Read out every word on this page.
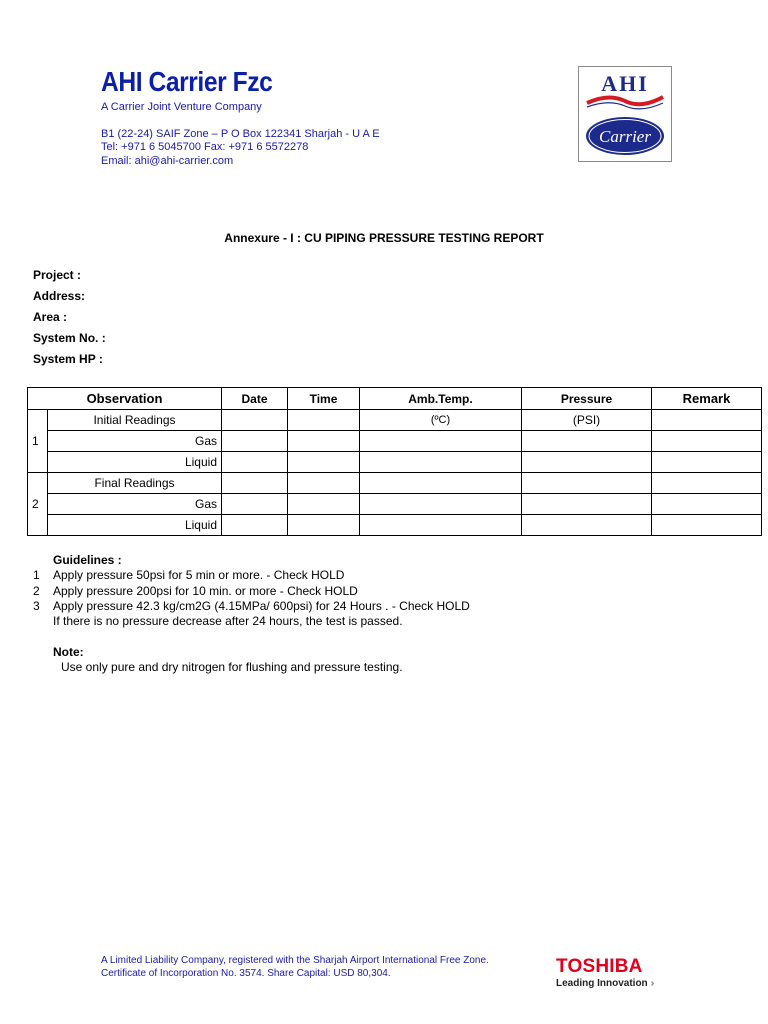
AHI Carrier Fzc
A Carrier Joint Venture Company
B1 (22-24) SAIF Zone – P O Box 122341 Sharjah - U A E
Tel: +971 6 5045700 Fax: +971 6 5572278
Email: ahi@ahi-carrier.com
AHI
Carrier
Annexure - I : CU PIPING PRESSURE TESTING REPORT
Project :
Address:
Area :
System No. :
System HP :
Observation		Date	Time	Amb.Temp.	Pressure	Remark
1	Initial Readings			(ºC)	(PSI)	
	Gas					
	Liquid					
2	Final Readings					
	Gas					
	Liquid					
Guidelines :
1	Apply pressure 50psi for 5 min or more. - Check HOLD
2	Apply pressure 200psi for 10 min. or more - Check HOLD
3	Apply pressure 42.3 kg/cm2G (4.15MPa/ 600psi) for 24 Hours . - Check HOLD
If there is no pressure decrease after 24 hours, the test is passed.
Note:
Use only pure and dry nitrogen for flushing and pressure testing.
A Limited Liability Company, registered with the Sharjah Airport International Free Zone.
Certificate of Incorporation No. 3574. Share Capital: USD 80,304.	TOSHIBA
Leading Innovation ›››
